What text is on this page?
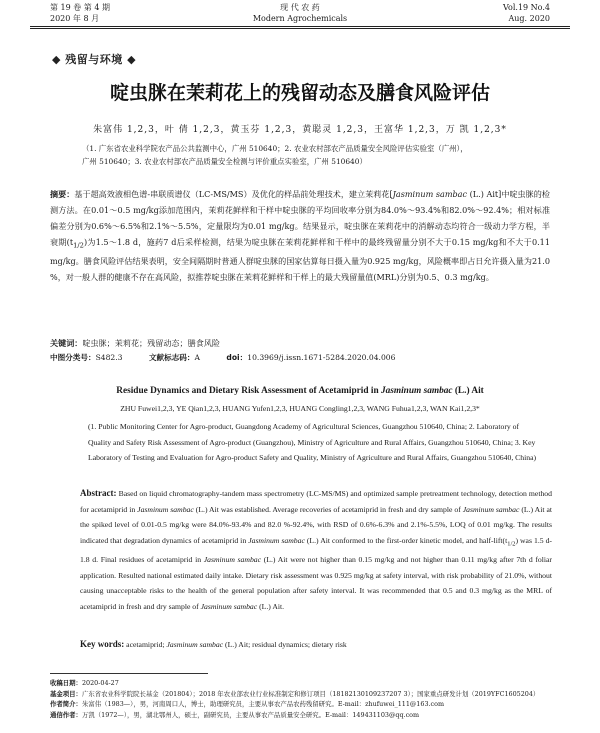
第 19 卷 第 4 期
2020 年 8 月
现 代 农 药
Modern Agrochemicals
Vol.19 No.4
Aug. 2020
◆ 残留与环境 ◆
啶虫脒在茉莉花上的残留动态及膳食风险评估
朱富伟 1,2,3，叶 倩 1,2,3，黄玉芬 1,2,3，黄聪灵 1,2,3，王富华 1,2,3，万 凯 1,2,3*
（1. 广东省农业科学院农产品公共监测中心，广州 510640；2. 农业农村部农产品质量安全风险评估实验室（广州），
广州 510640；3. 农业农村部农产品质量安全检测与评价重点实验室，广州 510640）
摘要：基于超高效液相色谱-串联质谱仪（LC-MS/MS）及优化的样品前处理技术，建立茉莉花[Jasminum sambac (L.) Ait]中啶虫脒的检测方法。在0.01～0.5 mg/kg添加范围内，茉莉花鲜样和干样中啶虫脒的平均回收率分别为84.0%～93.4%和82.0%～92.4%；相对标准偏差分别为0.6%～6.5%和2.1%～5.5%，定量限均为0.01 mg/kg。结果显示，啶虫脒在茉莉花中的消解动态均符合一级动力学方程，半衰期$(t_{1/2})$为1.5～1.8 d，施药7 d后采样检测，结果为啶虫脒在茉莉花鲜样和干样中的最终残留量分别不大于0.15 mg/kg和不大于0.11 mg/kg。膳食风险评估结果表明，安全间隔期时普通人群啶虫脒的国家估算每日摄入量为0.925 mg/kg，风险概率即占日允许摄入量为21.0 %，对一般人群的健康不存在高风险，拟推荐啶虫脒在茉莉花鲜样和干样上的最大残留量值(MRL)分别为0.5、0.3 mg/kg。
关键词：啶虫脒；茉莉花；残留动态；膳食风险
中图分类号：S482.3	文献标志码：A	doi：10.3969/j.issn.1671-5284.2020.04.006
Residue Dynamics and Dietary Risk Assessment of Acetamiprid in Jasminum sambac (L.) Ait
ZHU Fuwei1,2,3, YE Qian1,2,3, HUANG Yufen1,2,3, HUANG Congling1,2,3, WANG Fuhua1,2,3, WAN Kai1,2,3*
(1. Public Monitoring Center for Agro-product, Guangdong Academy of Agricultural Sciences, Guangzhou 510640, China; 2. Laboratory of Quality and Safety Risk Assessment of Agro-product (Guangzhou), Ministry of Agriculture and Rural Affairs, Guangzhou 510640, China; 3. Key Laboratory of Testing and Evaluation for Agro-product Safety and Quality, Ministry of Agriculture and Rural Affairs, Guangzhou 510640, China)
Abstract: Based on liquid chromatography-tandem mass spectrometry (LC-MS/MS) and optimized sample pretreatment technology, detection method for acetamiprid in Jasminum sambac (L.) Ait was established. Average recoveries of acetamiprid in fresh and dry sample of Jasminum sambac (L.) Ait at the spiked level of 0.01-0.5 mg/kg were 84.0%-93.4% and 82.0 %-92.4%, with RSD of 0.6%-6.3% and 2.1%-5.5%, LOQ of 0.01 mg/kg. The results indicated that degradation dynamics of acetamiprid in Jasminum sambac (L.) Ait conformed to the first-order kinetic model, and half-$lift(t_{1/2})$ was 1.5 d-1.8 d. Final residues of acetamiprid in Jasminum sambac (L.) Ait were not higher than 0.15 mg/kg and not higher than 0.11 mg/kg after 7th d foliar application. Resulted national estimated daily intake. Dietary risk assessment was 0.925 mg/kg at safety interval, with risk probability of 21.0%, without causing unacceptable risks to the health of the general population after safety interval. It was recommended that 0.5 and 0.3 mg/kg as the MRL of acetamiprid in fresh and dry sample of Jasminum sambac (L.) Ait.
Key words: acetamiprid; Jasminum sambac (L.) Ait; residual dynamics; dietary risk
收稿日期：2020-04-27
基金项目：广东省农业科学院院长基金（201804）；2018 年农业部农业行业标准制定和修订项目（18182130109237207 3）；国家重点研发计划（2019YFC1605204）
作者简介：朱富伟（1983—），男，河南周口人，博士，助理研究员，主要从事农产品农药残留研究。E-mail：zhufuwei_111@163.com
通信作者：万凯（1972—），男，湖北鄂州人，硕士，副研究员，主要从事农产品质量安全研究。E-mail：149431103@qq.com
